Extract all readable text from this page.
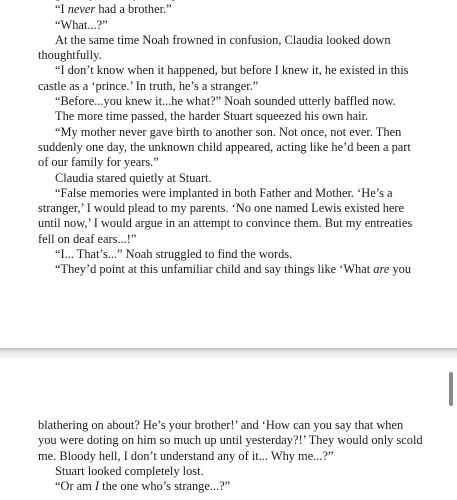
“I never had a brother.”

“What...?”

At the same time Noah frowned in confusion, Claudia looked down thoughtfully.

“I don’t know when it happened, but before I knew it, he existed in this castle as a ‘prince.’ In truth, he’s a stranger.”

“Before...you knew it...he what?” Noah sounded utterly baffled now.

The more time passed, the harder Stuart squeezed his own hair.

“My mother never gave birth to another son. Not once, not ever. Then suddenly one day, the unknown child appeared, acting like he’d been a part of our family for years.”

Claudia stared quietly at Stuart.

“False memories were implanted in both Father and Mother. ‘He’s a stranger,’ I would plead to my parents. ‘No one named Lewis existed here until now,’ I would argue in an attempt to convince them. But my entreaties fell on deaf ears...!”

“I... That’s...” Noah struggled to find the words.

“They’d point at this unfamiliar child and say things like ‘What are you

blathering on about? He’s your brother!’ and ‘How can you say that when you were doting on him so much up until yesterday?!’ They would only scold me. Bloody hell, I don’t understand any of it... Why me...?”

Stuart looked completely lost.

“Or am I the one who’s strange...?”
